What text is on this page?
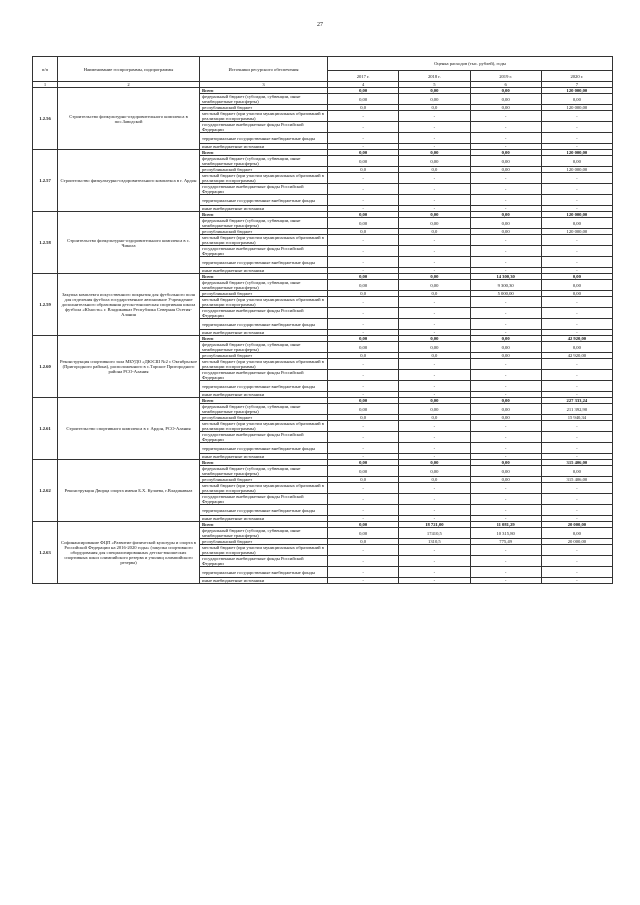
27
п/п	Наименование госпрограммы, подпрограммы	Источники ресурсного обеспечения	Оценка расходов (тыс. рублей), годы			
			2017 г.	2018 г.	2019 г.	2020 г.
1	2	3	4	5	6	7
1.2.56	Строительство физкультурно-оздоровительного комплекса в пос.Заводской	Всего	0,00	0,00	0,00	120 000,00
		федеральный бюджет (субсидии, субвенции, иные межбюджетные трансферты)	0,00	0,00	0,00	0,00
		республиканский бюджет	0,0	0,0	0,00	120 000,00
		местный бюджет (при участии муниципальных образований в реализации госпрограммы)	-	-	-	-
		государственные внебюджетные фонды Российской Федерации	-	-	-	-
		территориальные государственные внебюджетные фонды	-	-	-	-
		иные внебюджетные источники	-	-	-	-
1.2.57	Строительство физкультурно-оздоровительного комплекса в г. Ардон	Всего	0,00	0,00	0,00	120 000,00
		федеральный бюджет (субсидии, субвенции, иные межбюджетные трансферты)	0,00	0,00	0,00	0,00
		республиканский бюджет	0,0	0,0	0,00	120 000,00
		местный бюджет (при участии муниципальных образований в реализации госпрограммы)	-	-	-	-
		государственные внебюджетные фонды Российской Федерации	-	-	-	-
		территориальные государственные внебюджетные фонды	-	-	-	-
		иные внебюджетные источники	-	-	-	-
1.2.58	Строительство физкультурно-оздоровительного комплекса в с. Чикола	Всего	0,00	0,00	0,00	120 000,00
		федеральный бюджет (субсидии, субвенции, иные межбюджетные трансферты)	0,00	0,00	0,00	0,00
		республиканский бюджет	0,0	0,0	0,00	120 000,00
		местный бюджет (при участии муниципальных образований в реализации госпрограммы)	-	-	-	-
		государственные внебюджетные фонды Российской Федерации	-	-	-	-
		территориальные государственные внебюджетные фонды	-	-	-	-
		иные внебюджетные источники	-	-	-	-
1.2.59	Закупка комплекта искусственного покрытия для футбольного поля для отделения футбола государственное автономное Учреждение дополнительного образования детско-юношеская спортивная школа футбола «Юность» г. Владикавказ Республика Северная Осетия-Алания	Всего	0,00	0,00	14 300,30	0,00
		федеральный бюджет (субсидии, субвенции, иные межбюджетные трансферты)	0,00	0,00	9 300,30	0,00
		республиканский бюджет	0,0	0,0	5 000,00	0,00
		местный бюджет (при участии муниципальных образований в реализации госпрограммы)	-	-	-	-
		государственные внебюджетные фонды Российской Федерации	-	-	-	-
		территориальные государственные внебюджетные фонды	-	-	-	-
		иные внебюджетные источники	-	-	-	-
1.2.60	Реконструкция спортивного зала МБУДО «ДЮСШ №2 с Октябрьское (Пригородного района), расположенного в с.Тарское Пригородного района РСО-Алания	Всего	0,00	0,00	0,00	42 920,00
		федеральный бюджет (субсидии, субвенции, иные межбюджетные трансферты)	0,00	0,00	0,00	0,00
		республиканский бюджет	0,0	0,0	0,00	42 920,00
		местный бюджет (при участии муниципальных образований в реализации госпрограммы)	-	-	-	-
		государственные внебюджетные фонды Российской Федерации	-	-	-	-
		территориальные государственные внебюджетные фонды	-	-	-	-
		иные внебюджетные источники	-	-	-	-
1.2.61	Строительство спортивного комплекса в г. Ардон, РСО-Алания	Всего	0,00	0,00	0,00	227 333,24
		федеральный бюджет (субсидии, субвенции, иные межбюджетные трансферты)	0,00	0,00	0,00	211 392,90
		республиканский бюджет	0,0	0,0	0,00	15 940,34
		местный бюджет (при участии муниципальных образований в реализации госпрограммы)	-	-	-	-
		государственные внебюджетные фонды Российской Федерации	-	-	-	-
		территориальные государственные внебюджетные фонды	-	-	-	-
		иные внебюджетные источники	-	-	-	-
1.2.62	Реконструкция Дворца спорта имени Б.Х. Кулаева, г.Владикавказ	Всего	0,00	0,00	0,00	315 406,00
		федеральный бюджет (субсидии, субвенции, иные межбюджетные трансферты)	0,00	0,00	0,00	0,00
		республиканский бюджет	0,0	0,0	0,00	315 406,00
		местный бюджет (при участии муниципальных образований в реализации госпрограммы)	-	-	-	-
		государственные внебюджетные фонды Российской Федерации	-	-	-	-
		территориальные государственные внебюджетные фонды	-	-	-	-
		иные внебюджетные источники	-	-	-	-
1.2.63	Софинансирование ФЦП «Развитие физической культуры и спорта в Российской Федерации на 2016-2020 годы» (закупка спортивного оборудования для специализированных детско-юношеских спортивных школ олимпийского резерва и училищ олимпийского резерва)	Всего	0,00	18 721,00	11 081,29	20 000,00
		федеральный бюджет (субсидии, субвенции, иные межбюджетные трансферты)	0,00	17410,5	10 315,80	0,00
		республиканский бюджет	0,0	1310,5	775,49	20 000,00
		местный бюджет (при участии муниципальных образований в реализации госпрограммы)	-	-	-	-
		государственные внебюджетные фонды Российской Федерации	-	-	-	-
		территориальные государственные внебюджетные фонды	-	-	-	-
		иные внебюджетные источники	-	-	-	-
